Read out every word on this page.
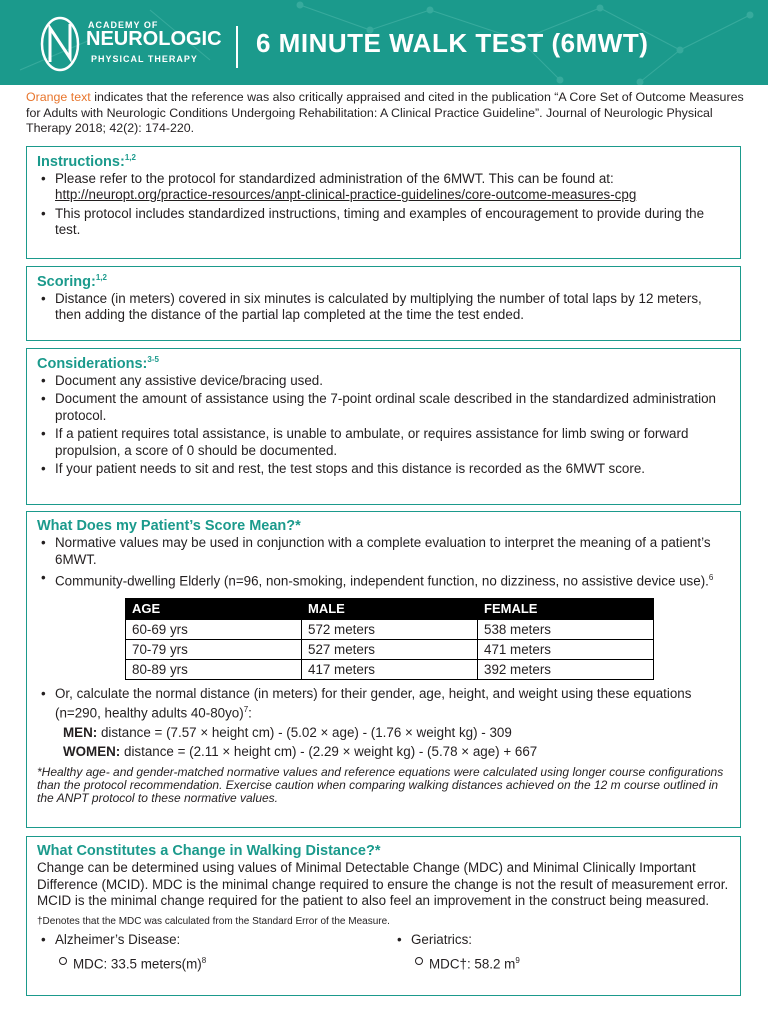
ACADEMY OF
NEUROLOGIC
PHYSICAL THERAPY
6 MINUTE WALK TEST (6MWT)

Orange text indicates that the reference was also critically appraised and cited in the publication “A Core Set of Outcome Measures for Adults with Neurologic Conditions Undergoing Rehabilitation: A Clinical Practice Guideline”. Journal of Neurologic Physical Therapy 2018; 42(2): 174-220.

Instructions:$^{1,2}$
• Please refer to the protocol for standardized administration of the 6MWT. This can be found at: http://neuropt.org/practice-resources/anpt-clinical-practice-guidelines/core-outcome-measures-cpg
• This protocol includes standardized instructions, timing and examples of encouragement to provide during the test.
Scoring:$^{1,2}$
• Distance (in meters) covered in six minutes is calculated by multiplying the number of total laps by 12 meters, then adding the distance of the partial lap completed at the time the test ended.
Considerations:$^{3-5}$
• Document any assistive device/bracing used.
• Document the amount of assistance using the 7-point ordinal scale described in the standardized administration protocol.
• If a patient requires total assistance, is unable to ambulate, or requires assistance for limb swing or forward propulsion, a score of 0 should be documented.
• If your patient needs to sit and rest, the test stops and this distance is recorded as the 6MWT score.
What Does my Patient’s Score Mean?*
• Normative values may be used in conjunction with a complete evaluation to interpret the meaning of a patient’s 6MWT.
• Community-dwelling Elderly (n=96, non-smoking, independent function, no dizziness, no assistive device use).$^6$
AGE	MALE	FEMALE
60-69 yrs	572 meters	538 meters
70-79 yrs	527 meters	471 meters
80-89 yrs	417 meters	392 meters
• Or, calculate the normal distance (in meters) for their gender, age, height, and weight using these equations (n=290, healthy adults 40-80yo)$^7$:
MEN: distance = (7.57 × height cm) - (5.02 × age) - (1.76 × weight kg) - 309
WOMEN: distance = (2.11 × height cm) - (2.29 × weight kg) - (5.78 × age) + 667

*Healthy age- and gender-matched normative values and reference equations were calculated using longer course configurations than the protocol recommendation. Exercise caution when comparing walking distances achieved on the 12 m course outlined in the ANPT protocol to these normative values.

What Constitutes a Change in Walking Distance?*

Change can be determined using values of Minimal Detectable Change (MDC) and Minimal Clinically Important Difference (MCID). MDC is the minimal change required to ensure the change is not the result of measurement error. MCID is the minimal change required for the patient to also feel an improvement in the construct being measured.

†Denotes that the MDC was calculated from the Standard Error of the Measure.

• Alzheimer’s Disease:
MDC: 33.5 $meters(m)^8$
• Geriatrics:
MDC†: 58.2 $m^9$
